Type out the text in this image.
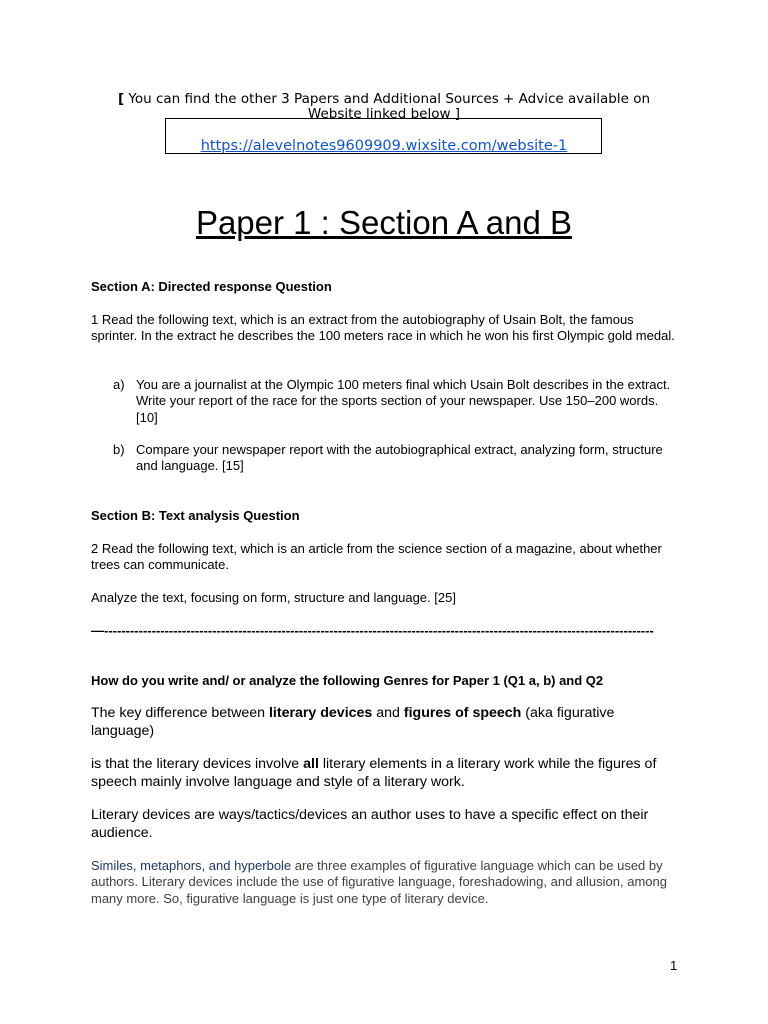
[ You can find the other 3 Papers and Additional Sources + Advice available on Website linked below ]
https://alevelnotes9609909.wixsite.com/website-1
Paper 1 : Section A and B

Section A: Directed response Question

1 Read the following text, which is an extract from the autobiography of Usain Bolt, the famous sprinter. In the extract he describes the 100 meters race in which he won his first Olympic gold medal.

a) You are a journalist at the Olympic 100 meters final which Usain Bolt describes in the extract. Write your report of the race for the sports section of your newspaper. Use 150–200 words. [10]
b) Compare your newspaper report with the autobiographical extract, analyzing form, structure and language. [15]

Section B: Text analysis Question

2 Read the following text, which is an article from the science section of a magazine, about whether trees can communicate.

Analyze the text, focusing on form, structure and language. [25]

—-------------------------------------------------------------------------------------------------------------------------------

How do you write and/ or analyze the following Genres for Paper 1 (Q1 a, b) and Q2

The key difference between literary devices and figures of speech (aka figurative language)

is that the literary devices involve all literary elements in a literary work while the figures of speech mainly involve language and style of a literary work.

Literary devices are ways/tactics/devices an author uses to have a specific effect on their audience.

Similes, metaphors, and hyperbole are three examples of figurative language which can be used by authors. Literary devices include the use of figurative language, foreshadowing, and allusion, among many more. So, figurative language is just one type of literary device.

1
